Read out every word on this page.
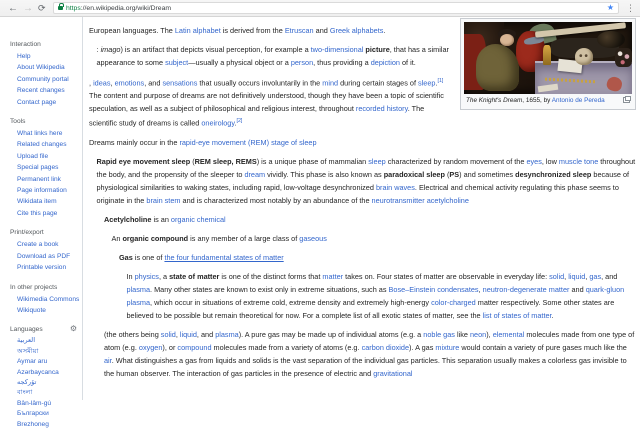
← → ⟳	https://en.wikipedia.org/wiki/Dream	★ ⋮
Interaction
Help
About Wikipedia
Community portal
Recent changes
Contact page
Tools
What links here
Related changes
Upload file
Special pages
Permanent link
Page information
Wikidata item
Cite this page
Print/export
Create a book
Download as PDF
Printable version
In other projects
Wikimedia Commons
Wikiquote
Languages	⚙
العربية
অসমীয়া
Aymar aru
Azərbaycanca
تۆرکجه
বাংলা
Bân-lâm-gú
Български
Brezhoneg
The Knight's Dream, 1655, by Antonio de Pereda
European languages. The Latin alphabet is derived from the Etruscan and Greek alphabets.
: imago) is an artifact that depicts visual perception, for example a two-dimensional picture, that has a similar appearance to some subject—usually a physical object or a person, thus providing a depiction of it.
, ideas, emotions, and sensations that usually occurs involuntarily in the mind during certain stages of sleep.[1] The content and purpose of dreams are not definitively understood, though they have been a topic of scientific speculation, as well as a subject of philosophical and religious interest, throughout recorded history. The scientific study of dreams is called oneirology.[2]
Dreams mainly occur in the rapid-eye movement (REM) stage of sleep
Rapid eye movement sleep (REM sleep, REMS) is a unique phase of mammalian sleep characterized by random movement of the eyes, low muscle tone throughout the body, and the propensity of the sleeper to dream vividly. This phase is also known as paradoxical sleep (PS) and sometimes desynchronized sleep because of physiological similarities to waking states, including rapid, low-voltage desynchronized brain waves. Electrical and chemical activity regulating this phase seems to originate in the brain stem and is characterized most notably by an abundance of the neurotransmitter acetylcholine
Acetylcholine is an organic chemical
An organic compound is any member of a large class of gaseous
Gas is one of the four fundamental states of matter
In physics, a state of matter is one of the distinct forms that matter takes on. Four states of matter are observable in everyday life: solid, liquid, gas, and plasma. Many other states are known to exist only in extreme situations, such as Bose–Einstein condensates, neutron-degenerate matter and quark-gluon plasma, which occur in situations of extreme cold, extreme density and extremely high-energy color-charged matter respectively. Some other states are believed to be possible but remain theoretical for now. For a complete list of all exotic states of matter, see the list of states of matter.
(the others being solid, liquid, and plasma). A pure gas may be made up of individual atoms (e.g. a noble gas like neon), elemental molecules made from one type of atom (e.g. oxygen), or compound molecules made from a variety of atoms (e.g. carbon dioxide). A gas mixture would contain a variety of pure gases much like the air. What distinguishes a gas from liquids and solids is the vast separation of the individual gas particles. This separation usually makes a colorless gas invisible to the human observer. The interaction of gas particles in the presence of electric and gravitational
